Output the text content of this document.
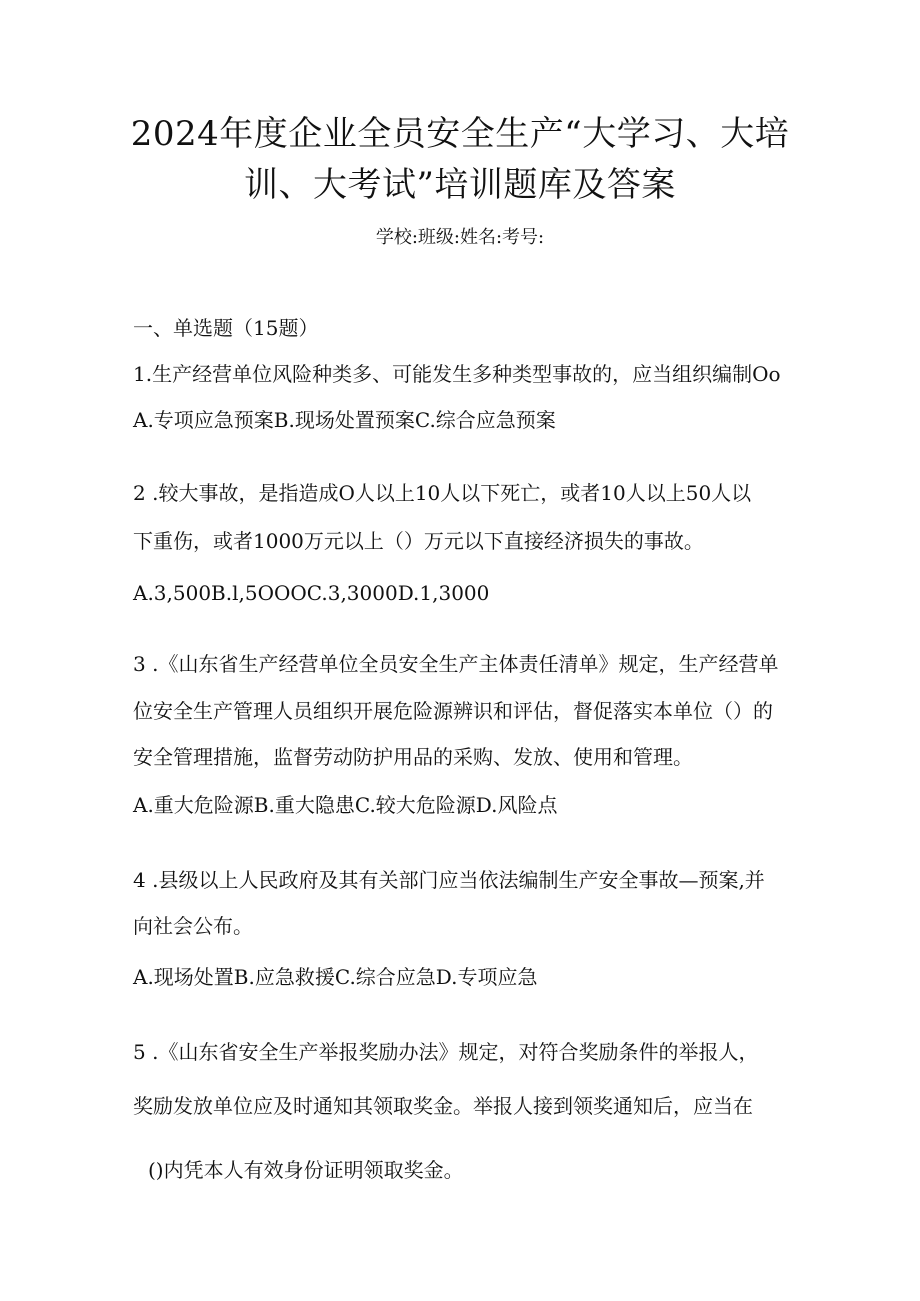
2024年度企业全员安全生产“大学习、大培
训、大考试”培训题库及答案
学校:班级:姓名:考号:

一、单选题（15题）

1.生产经营单位风险种类多、可能发生多种类型事故的，应当组织编制Oo

A.专项应急预案B.现场处置预案C.综合应急预案

2 .较大事故，是指造成O人以上10人以下死亡，或者10人以上50人以

下重伤，或者1000万元以上（）万元以下直接经济损失的事故。

A.3,500B.l,5OOOC.3,3000D.1,3000

3 .《山东省生产经营单位全员安全生产主体责任清单》规定，生产经营单

位安全生产管理人员组织开展危险源辨识和评估，督促落实本单位（）的

安全管理措施，监督劳动防护用品的采购、发放、使用和管理。

A.重大危险源B.重大隐患C.较大危险源D.风险点

4 .县级以上人民政府及其有关部门应当依法编制生产安全事故—预案,并

向社会公布。

A.现场处置B.应急救援C.综合应急D.专项应急

5 .《山东省安全生产举报奖励办法》规定，对符合奖励条件的举报人，

奖励发放单位应及时通知其领取奖金。举报人接到领奖通知后，应当在

()内凭本人有效身份证明领取奖金。
